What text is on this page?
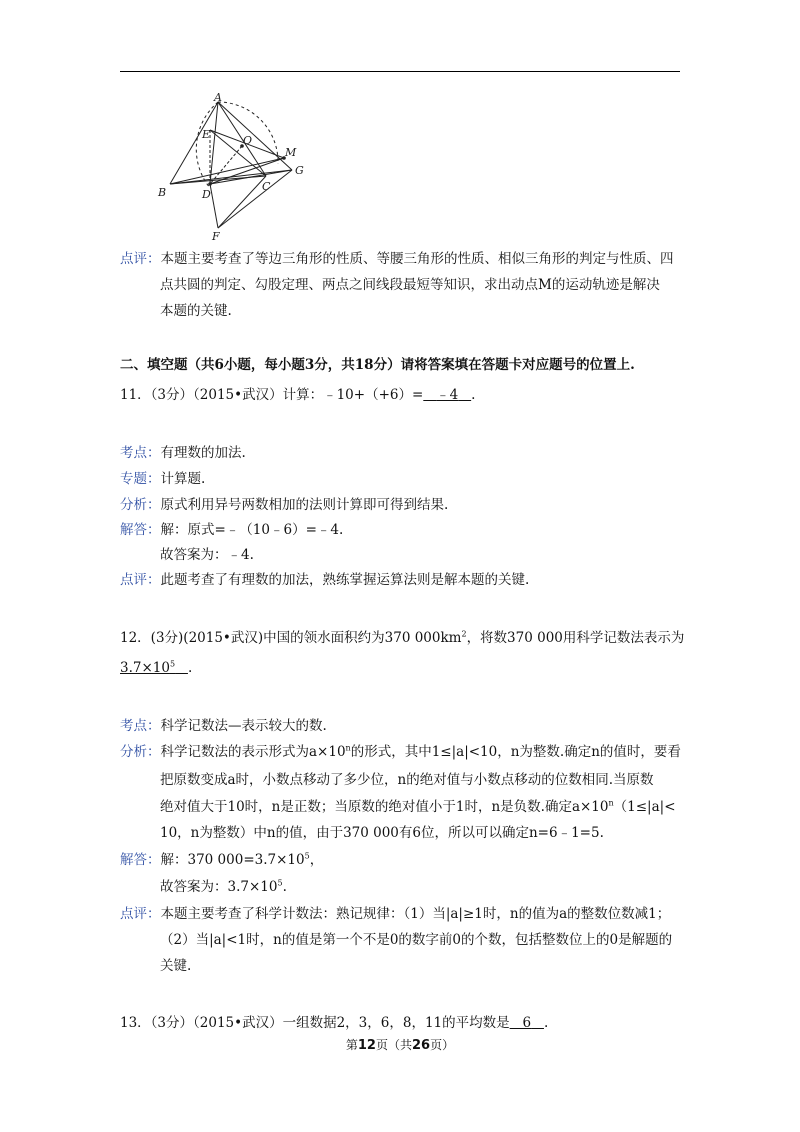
A
E	O
M
G
B	D
C
F
点评：本题主要考查了等边三角形的性质、等腰三角形的性质、相似三角形的判定与性质、四
点共圆的判定、勾股定理、两点之间线段最短等知识，求出动点M的运动轨迹是解决
本题的关键.
二、填空题（共6小题，每小题3分，共18分）请将答案填在答题卡对应题号的位置上.
11．（3分）（2015•武汉）计算：﹣10+（+6）= ﹣4 .
考点：有理数的加法.
专题：计算题.
分析：原式利用异号两数相加的法则计算即可得到结果.
解答：解：原式=﹣（10﹣6）=﹣4.
故答案为：﹣4.
点评：此题考查了有理数的加法，熟练掌握运算法则是解本题的关键.
12．(3分)(2015•武汉)中国的领水面积约为370 $000km^2$，将数370 000用科学记数法表示为
$3.7\times 10^5$ .
考点：科学记数法—表示较大的数.
分析：科学记数法的表示形式为$a\times 10^n$的形式，其中1≤|a|<10，n为整数.确定n的值时，要看
把原数变成a时，小数点移动了多少位，n的绝对值与小数点移动的位数相同.当原数
绝对值大于10时，n是正数；当原数的绝对值小于1时，n是负数.确定$a\times 10^n(1\le|a|<$
10，n为整数）中n的值，由于370 000有6位，所以可以确定n=6﹣1=5.
解答：解：370 $000=3.7\times 10^5$，
故答案为：$3.7\times 10^5$.
点评：本题主要考查了科学计数法：熟记规律：（1）当|a|≥1时，n的值为a的整数位数减1；
（2）当|a|<1时，n的值是第一个不是0的数字前0的个数，包括整数位上的0是解题的
关键.
13．（3分）（2015•武汉）一组数据2，3，6，8，11的平均数是 6 .
第12页（共26页）
